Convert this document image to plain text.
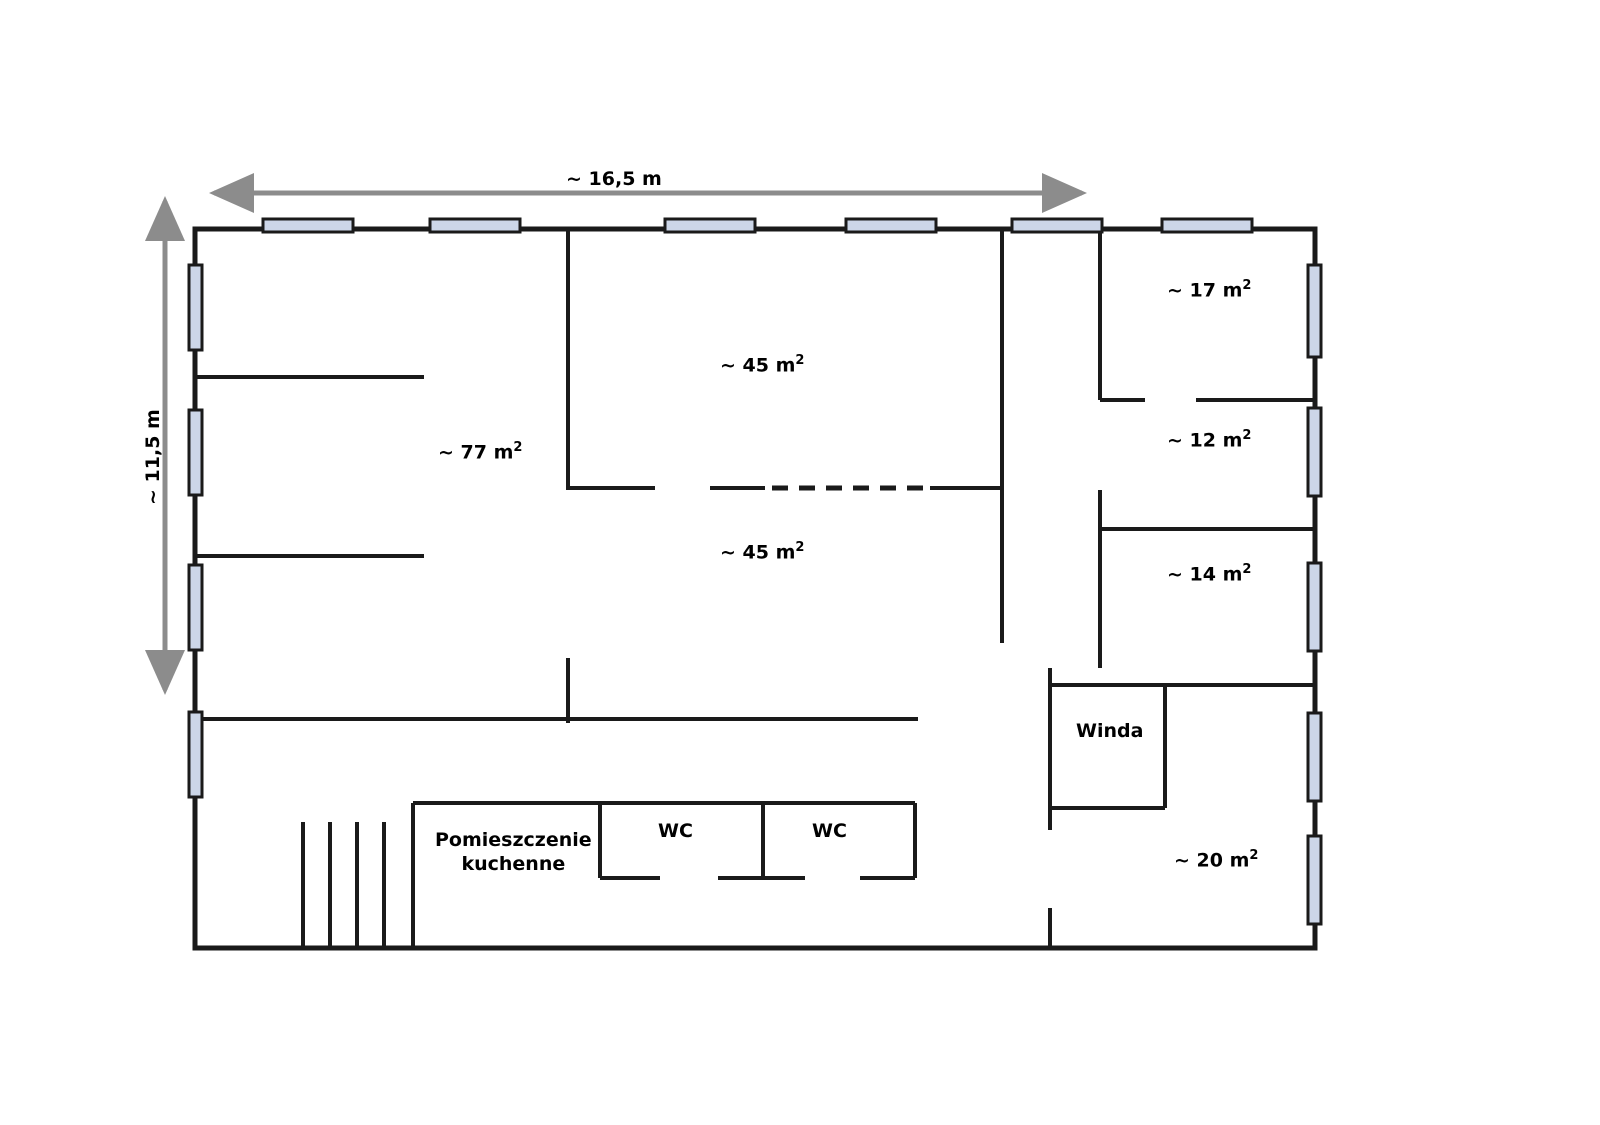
~ 16,5 m
~ 11,5 m	~ 77 $m^2$
~ 45 $m^2$
~ 45 $m^2$
~ 17 $m^2$
~ 12 $m^2$
~ 14 $m^2$
~ 20 $m^2$
Pomieszczenie
kuchenne
WC	WC
Winda
